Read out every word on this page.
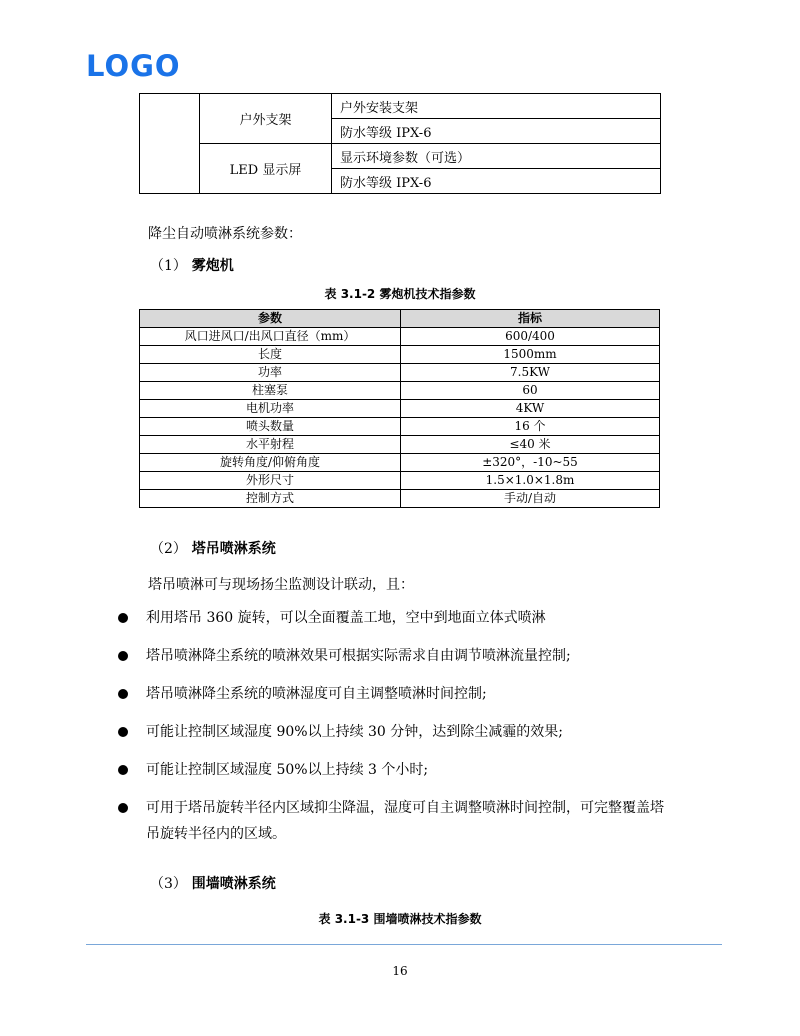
LOGO
	户外支架	户外安装支架
		防水等级 IPX-6
	LED 显示屏	显示环境参数（可选）
		防水等级 IPX-6
降尘自动喷淋系统参数：
（1） 雾炮机
表 3.1-2 雾炮机技术指参数
参数	指标
风口进风口/出风口直径（mm）	600/400
长度	1500mm
功率	7.5KW
柱塞泵	60
电机功率	4KW
喷头数量	16 个
水平射程	≤40 米
旋转角度/仰俯角度	±320°，-10~55
外形尺寸	1.5×1.0×1.8m
控制方式	手动/自动
（2） 塔吊喷淋系统
塔吊喷淋可与现场扬尘监测设计联动，且：
利用塔吊 360 旋转，可以全面覆盖工地，空中到地面立体式喷淋
塔吊喷淋降尘系统的喷淋效果可根据实际需求自由调节喷淋流量控制;
塔吊喷淋降尘系统的喷淋湿度可自主调整喷淋时间控制;
可能让控制区域湿度 90%以上持续 30 分钟，达到除尘减霾的效果;
可能让控制区域湿度 50%以上持续 3 个小时;
可用于塔吊旋转半径内区域抑尘降温，湿度可自主调整喷淋时间控制，可完整覆盖塔吊旋转半径内的区域。
（3） 围墙喷淋系统
表 3.1-3 围墙喷淋技术指参数
16
